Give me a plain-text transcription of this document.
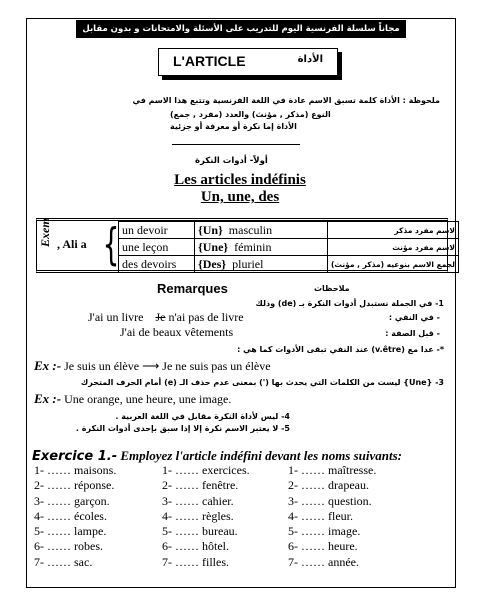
مجاناً سلسلة الفرنسية اليوم للتدريب على الأسئلة والامتحانات و بدون مقابل
L'ARTICLE	الأداة
ملحوظة : الأداة كلمة تسبق الاسم عادة في اللغة الفرنسية وتتبع هذا الاسم في
النوع (مذكر , مؤنث) والعدد (مفرد , جمع)
الأداة إما نكرة أو معرفة أو جزئية
أولاً- أدوات النكرة
Les articles indéfinis
Un, une, des
Exem , Ali a { un devoir	{Un} masculin	لاسم مفرد مذكر
une leçon	{Une} féminin	لاسم مفرد مؤنث
des devoirs	{Des} pluriel	لجمع الاسم بنوعيه (مذكر , مؤنث)
Remarques	ملاحظات
1- في الجملة نستبدل أدوات النكرة بـ (de) وذلك
- في النفي :
J'ai un livre Je n'ai pas de livre
- قبل الصفة :
J'ai de beaux vêtements
*- عدا مع (v.être) عند النفي تبقى الأدوات كما هي :
Ex :- Je suis un élève ⟶ Je ne suis pas un élève
3- {Une} ليست من الكلمات التي يحدث بها (') بمعنى عدم حذف الـ (e) أمام الحرف المتحرك
Ex :- Une orange, une heure, une image.
4- ليس لأداة النكرة مقابل في اللغة العربية .
5- لا يعتبر الاسم نكرة إلا إذا سبق بإحدى أدوات النكرة .
Exercice 1.- Employez l'article indéfini devant les noms suivants:
1- …… maisons.
2- …… réponse.
3- …… garçon.
4- …… écoles.
5- …… lampe.
6- …… robes.
7- …… sac.
1- …… exercices.
2- …… fenêtre.
3- …… cahier.
4- …… règles.
5- …… bureau.
6- …… hôtel.
7- …… filles.
1- …… maîtresse.
2- …… drapeau.
3- …… question.
4- …… fleur.
5- …… image.
6- …… heure.
7- …… année.
